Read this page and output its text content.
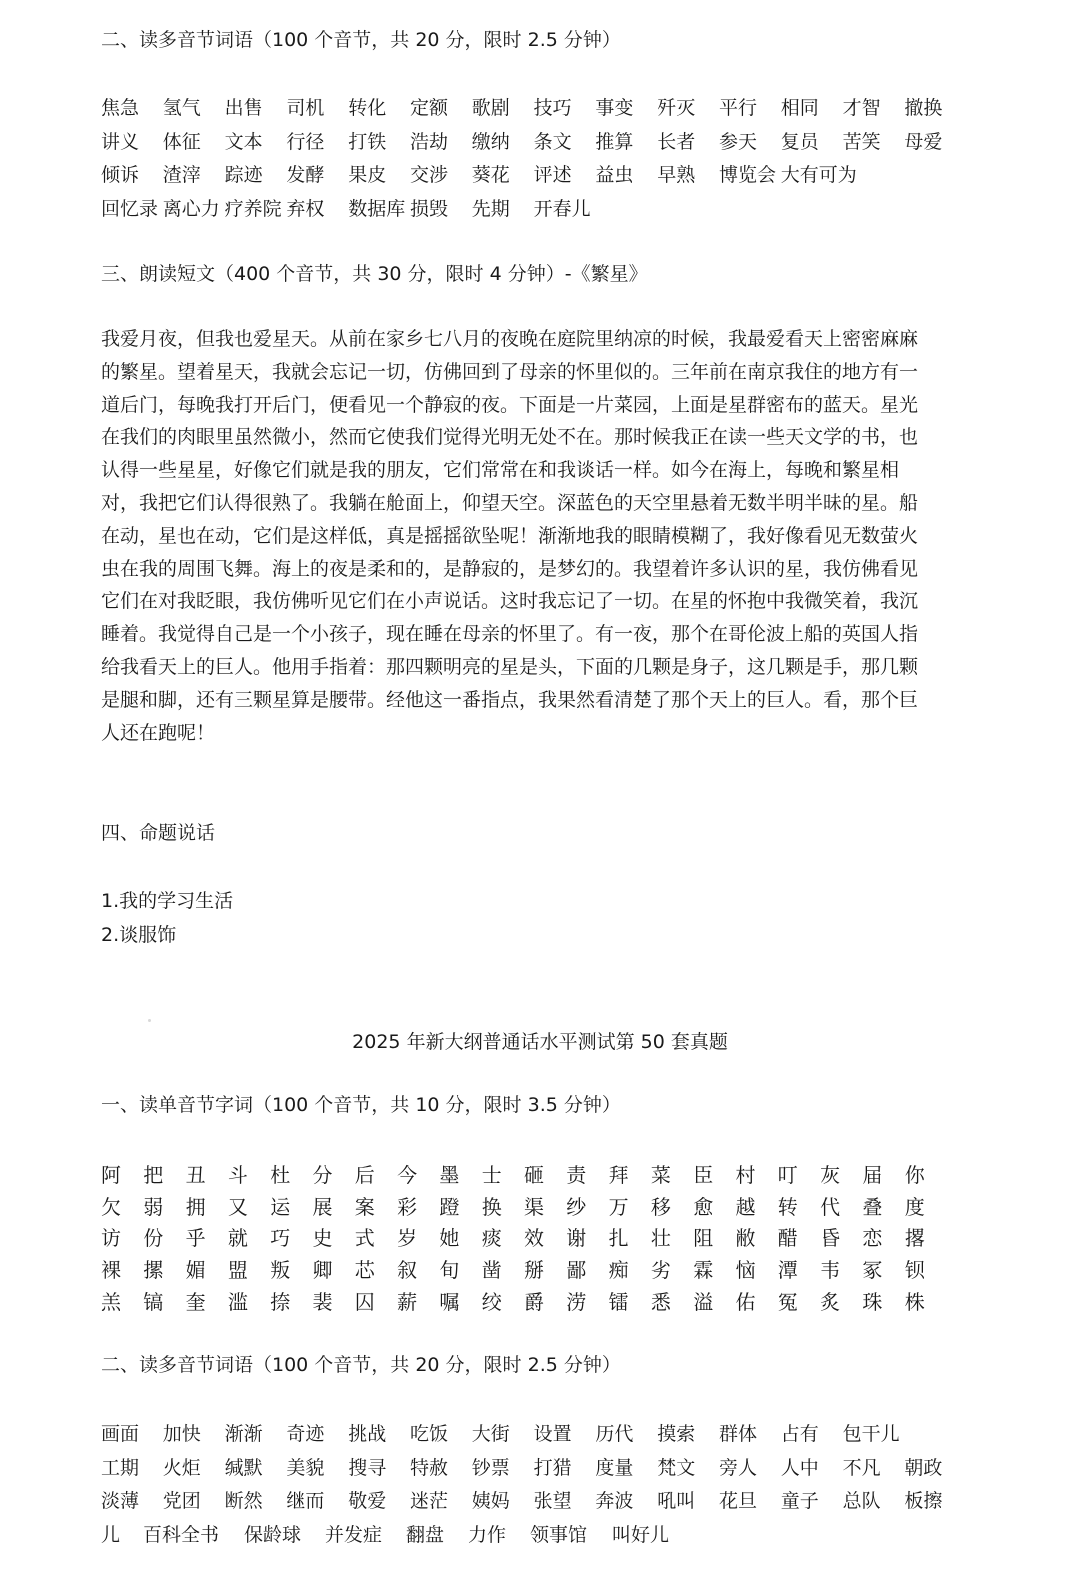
二、读多音节词语（100 个音节，共 20 分，限时 2.5 分钟）
焦急 氢气 出售 司机 转化 定额 歌剧 技巧 事变 歼灭 平行 相同 才智 撤换
讲义 体征 文本 行径 打铁 浩劫 缴纳 条文 推算 长者 参天 复员 苦笑 母爱
倾诉 渣滓 踪迹 发酵 果皮 交涉 葵花 评述 益虫 早熟 博览会 大有可为
回忆录 离心力 疗养院 弃权 数据库 损毁 先期 开春儿
三、朗读短文（400 个音节，共 30 分，限时 4 分钟）-《繁星》
我爱月夜，但我也爱星天。从前在家乡七八月的夜晚在庭院里纳凉的时候，我最爱看天上密密麻麻
的繁星。望着星天，我就会忘记一切，仿佛回到了母亲的怀里似的。三年前在南京我住的地方有一
道后门，每晚我打开后门，便看见一个静寂的夜。下面是一片菜园，上面是星群密布的蓝天。星光
在我们的肉眼里虽然微小，然而它使我们觉得光明无处不在。那时候我正在读一些天文学的书，也
认得一些星星，好像它们就是我的朋友，它们常常在和我谈话一样。如今在海上，每晚和繁星相
对，我把它们认得很熟了。我躺在舱面上，仰望天空。深蓝色的天空里悬着无数半明半昧的星。船
在动，星也在动，它们是这样低，真是摇摇欲坠呢！渐渐地我的眼睛模糊了，我好像看见无数萤火
虫在我的周围飞舞。海上的夜是柔和的，是静寂的，是梦幻的。我望着许多认识的星，我仿佛看见
它们在对我眨眼，我仿佛听见它们在小声说话。这时我忘记了一切。在星的怀抱中我微笑着，我沉
睡着。我觉得自己是一个小孩子，现在睡在母亲的怀里了。有一夜，那个在哥伦波上船的英国人指
给我看天上的巨人。他用手指着：那四颗明亮的星是头，下面的几颗是身子，这几颗是手，那几颗
是腿和脚，还有三颗星算是腰带。经他这一番指点，我果然看清楚了那个天上的巨人。看，那个巨
人还在跑呢！
四、命题说话
1.我的学习生活
2.谈服饰
2025 年新大纲普通话水平测试第 50 套真题
一、读单音节字词（100 个音节，共 10 分，限时 3.5 分钟）
阿 把 丑 斗 杜 分 后 今 墨 士 砸 责 拜 菜 臣 村 叮 灰 届 你
欠 弱 拥 又 运 展 案 彩 蹬 换 渠 纱 万 移 愈 越 转 代 叠 度
访 份 乎 就 巧 史 式 岁 她 痰 效 谢 扎 壮 阻 敝 醋 昏 恋 撂
裸 摞 媚 盟 叛 卿 芯 叙 旬 凿 掰 鄙 痴 劣 霖 恼 潭 韦 冢 钡
羔 镐 奎 滥 捺 裴 囚 薪 嘱 绞 爵 涝 镭 悉 溢 佑 冤 炙 珠 株
二、读多音节词语（100 个音节，共 20 分，限时 2.5 分钟）
画面 加快 渐渐 奇迹 挑战 吃饭 大街 设置 历代 摸索 群体 占有 包干儿
工期 火炬 缄默 美貌 搜寻 特赦 钞票 打猎 度量 梵文 旁人 人中 不凡 朝政
淡薄 党团 断然 继而 敬爱 迷茫 姨妈 张望 奔波 吼叫 花旦 童子 总队 板擦
儿 百科全书 保龄球 并发症 翻盘 力作 领事馆 叫好儿
